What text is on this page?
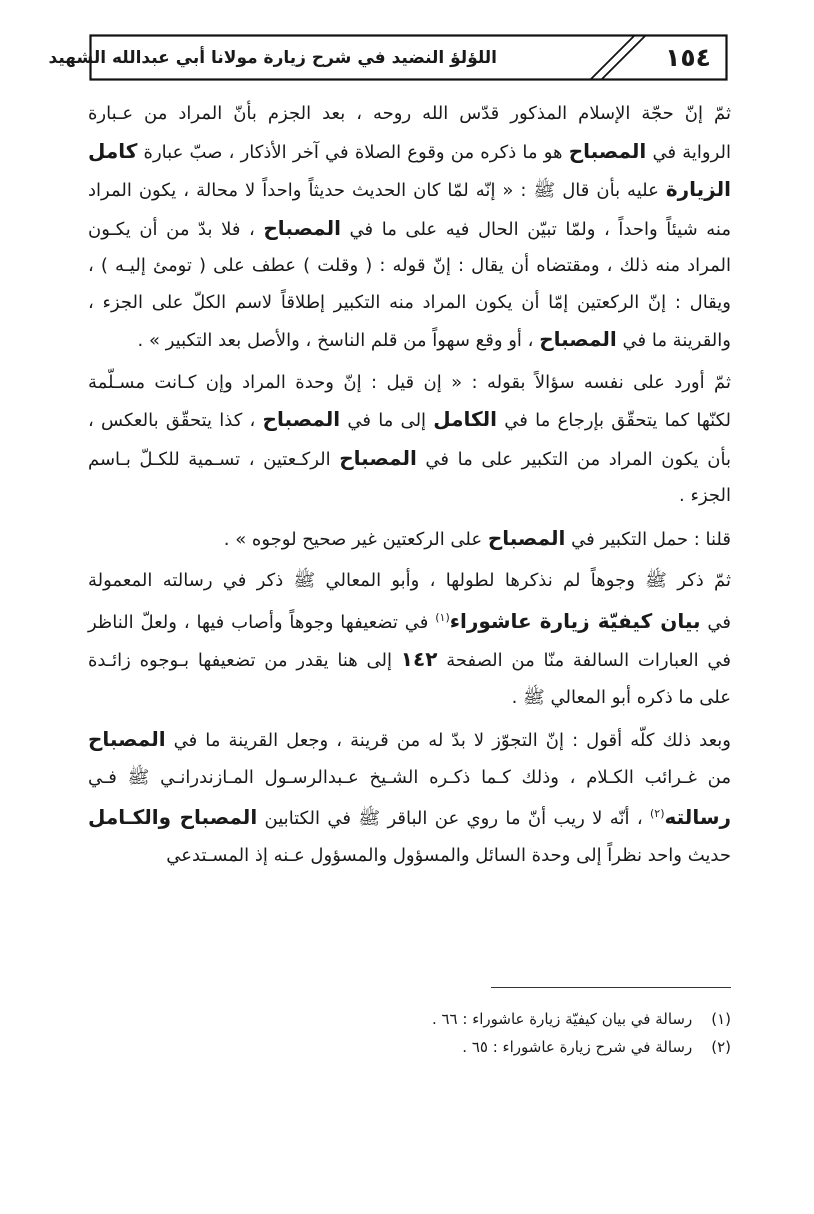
١٥٤
اللؤلؤ النضيد في شرح زيارة مولانا أبي عبدالله الشهيد

ثمّ إنّ حجّة الإسلام المذكور قدّس الله روحه ، بعد الجزم بأنّ المراد من عـبارة
الرواية في المصباح هو ما ذكره من وقوع الصلاة في آخر الأذكار ، صبّ عبارة كامل
الزيارة عليه بأن قال ﷺ : « إنّه لمّا كان الحديث حديثاً واحداً لا محالة ، يكون المراد
منه شيئاً واحداً ، ولمّا تبيّن الحال فيه على ما في المصباح ، فلا بدّ من أن يكـون
المراد منه ذلك ، ومقتضاه أن يقال : إنّ قوله : ( وقلت ) عطف على ( تومئ إليـه ) ،
ويقال : إنّ الركعتين إمّا أن يكون المراد منه التكبير إطلاقاً لاسم الكلّ على الجزء ،
والقرينة ما في المصباح ، أو وقع سهواً من قلم الناسخ ، والأصل بعد التكبير » .

ثمّ أورد على نفسه سؤالاً بقوله : « إن قيل : إنّ وحدة المراد وإن كـانت مسـلّمة
لكنّها كما يتحقّق بإرجاع ما في الكامل إلى ما في المصباح ، كذا يتحقّق بالعكس ،
بأن يكون المراد من التكبير على ما في المصباح الركـعتين ، تسـمية للكـلّ بـاسم
الجزء .

قلنا : حمل التكبير في المصباح على الركعتين غير صحيح لوجوه » .

ثمّ ذكر ﷺ وجوهاً لم نذكرها لطولها ، وأبو المعالي ﷺ ذكر في رسالته المعمولة
في بيان كيفيّة زيارة عاشوراء$^{(١)}$ في تضعيفها وجوهاً وأصاب فيها ، ولعلّ الناظر
في العبارات السالفة منّا من الصفحة ١٤٢ إلى هنا يقدر من تضعيفها بـوجوه زائـدة
على ما ذكره أبو المعالي ﷺ .

وبعد ذلك كلّه أقول : إنّ التجوّز لا بدّ له من قرينة ، وجعل القرينة ما في المصباح
من غـرائب الكـلام ، وذلك كـما ذكـره الشـيخ عـبدالرسـول المـازندرانـي ﷺ فـي
رسالته$^{(٢)}$ ، أنّه لا ريب أنّ ما روي عن الباقر ﷺ في الكتابين المصباح والكـامل
حديث واحد نظراً إلى وحدة السائل والمسؤول والمسؤول عـنه إذ المسـتدعي

(١) رسالة في بيان كيفيّة زيارة عاشوراء : ٦٦ .
(٢) رسالة في شرح زيارة عاشوراء : ٦٥ .
